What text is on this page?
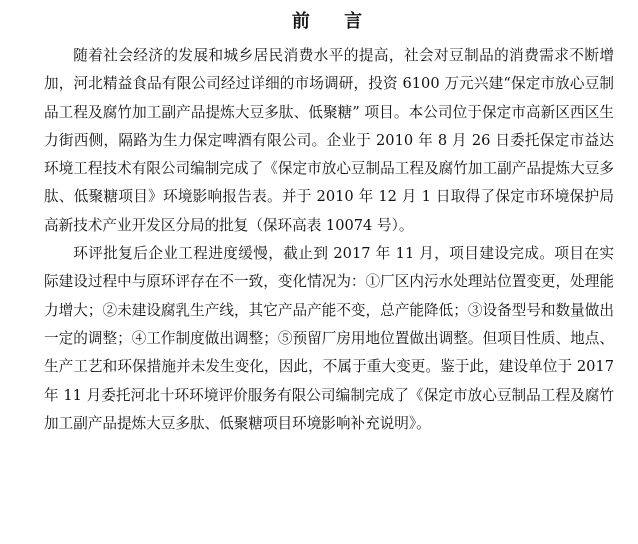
前 言

随着社会经济的发展和城乡居民消费水平的提高，社会对豆制品的消费需求不断增加，河北精益食品有限公司经过详细的市场调研，投资 6100 万元兴建“保定市放心豆制品工程及腐竹加工副产品提炼大豆多肽、低聚糖” 项目。本公司位于保定市高新区西区生力街西侧，隔路为生力保定啤酒有限公司。企业于 2010 年 8 月 26 日委托保定市益达环境工程技术有限公司编制完成了《保定市放心豆制品工程及腐竹加工副产品提炼大豆多肽、低聚糖项目》环境影响报告表。并于 2010 年 12 月 1 日取得了保定市环境保护局高新技术产业开发区分局的批复（保环高表 10074 号）。

环评批复后企业工程进度缓慢，截止到 2017 年 11 月，项目建设完成。项目在实际建设过程中与原环评存在不一致，变化情况为：①厂区内污水处理站位置变更，处理能力增大；②未建设腐乳生产线，其它产品产能不变，总产能降低；③设备型号和数量做出一定的调整；④工作制度做出调整；⑤预留厂房用地位置做出调整。但项目性质、地点、生产工艺和环保措施并未发生变化，因此，不属于重大变更。鉴于此，建设单位于 2017 年 11 月委托河北十环环境评价服务有限公司编制完成了《保定市放心豆制品工程及腐竹加工副产品提炼大豆多肽、低聚糖项目环境影响补充说明》。
